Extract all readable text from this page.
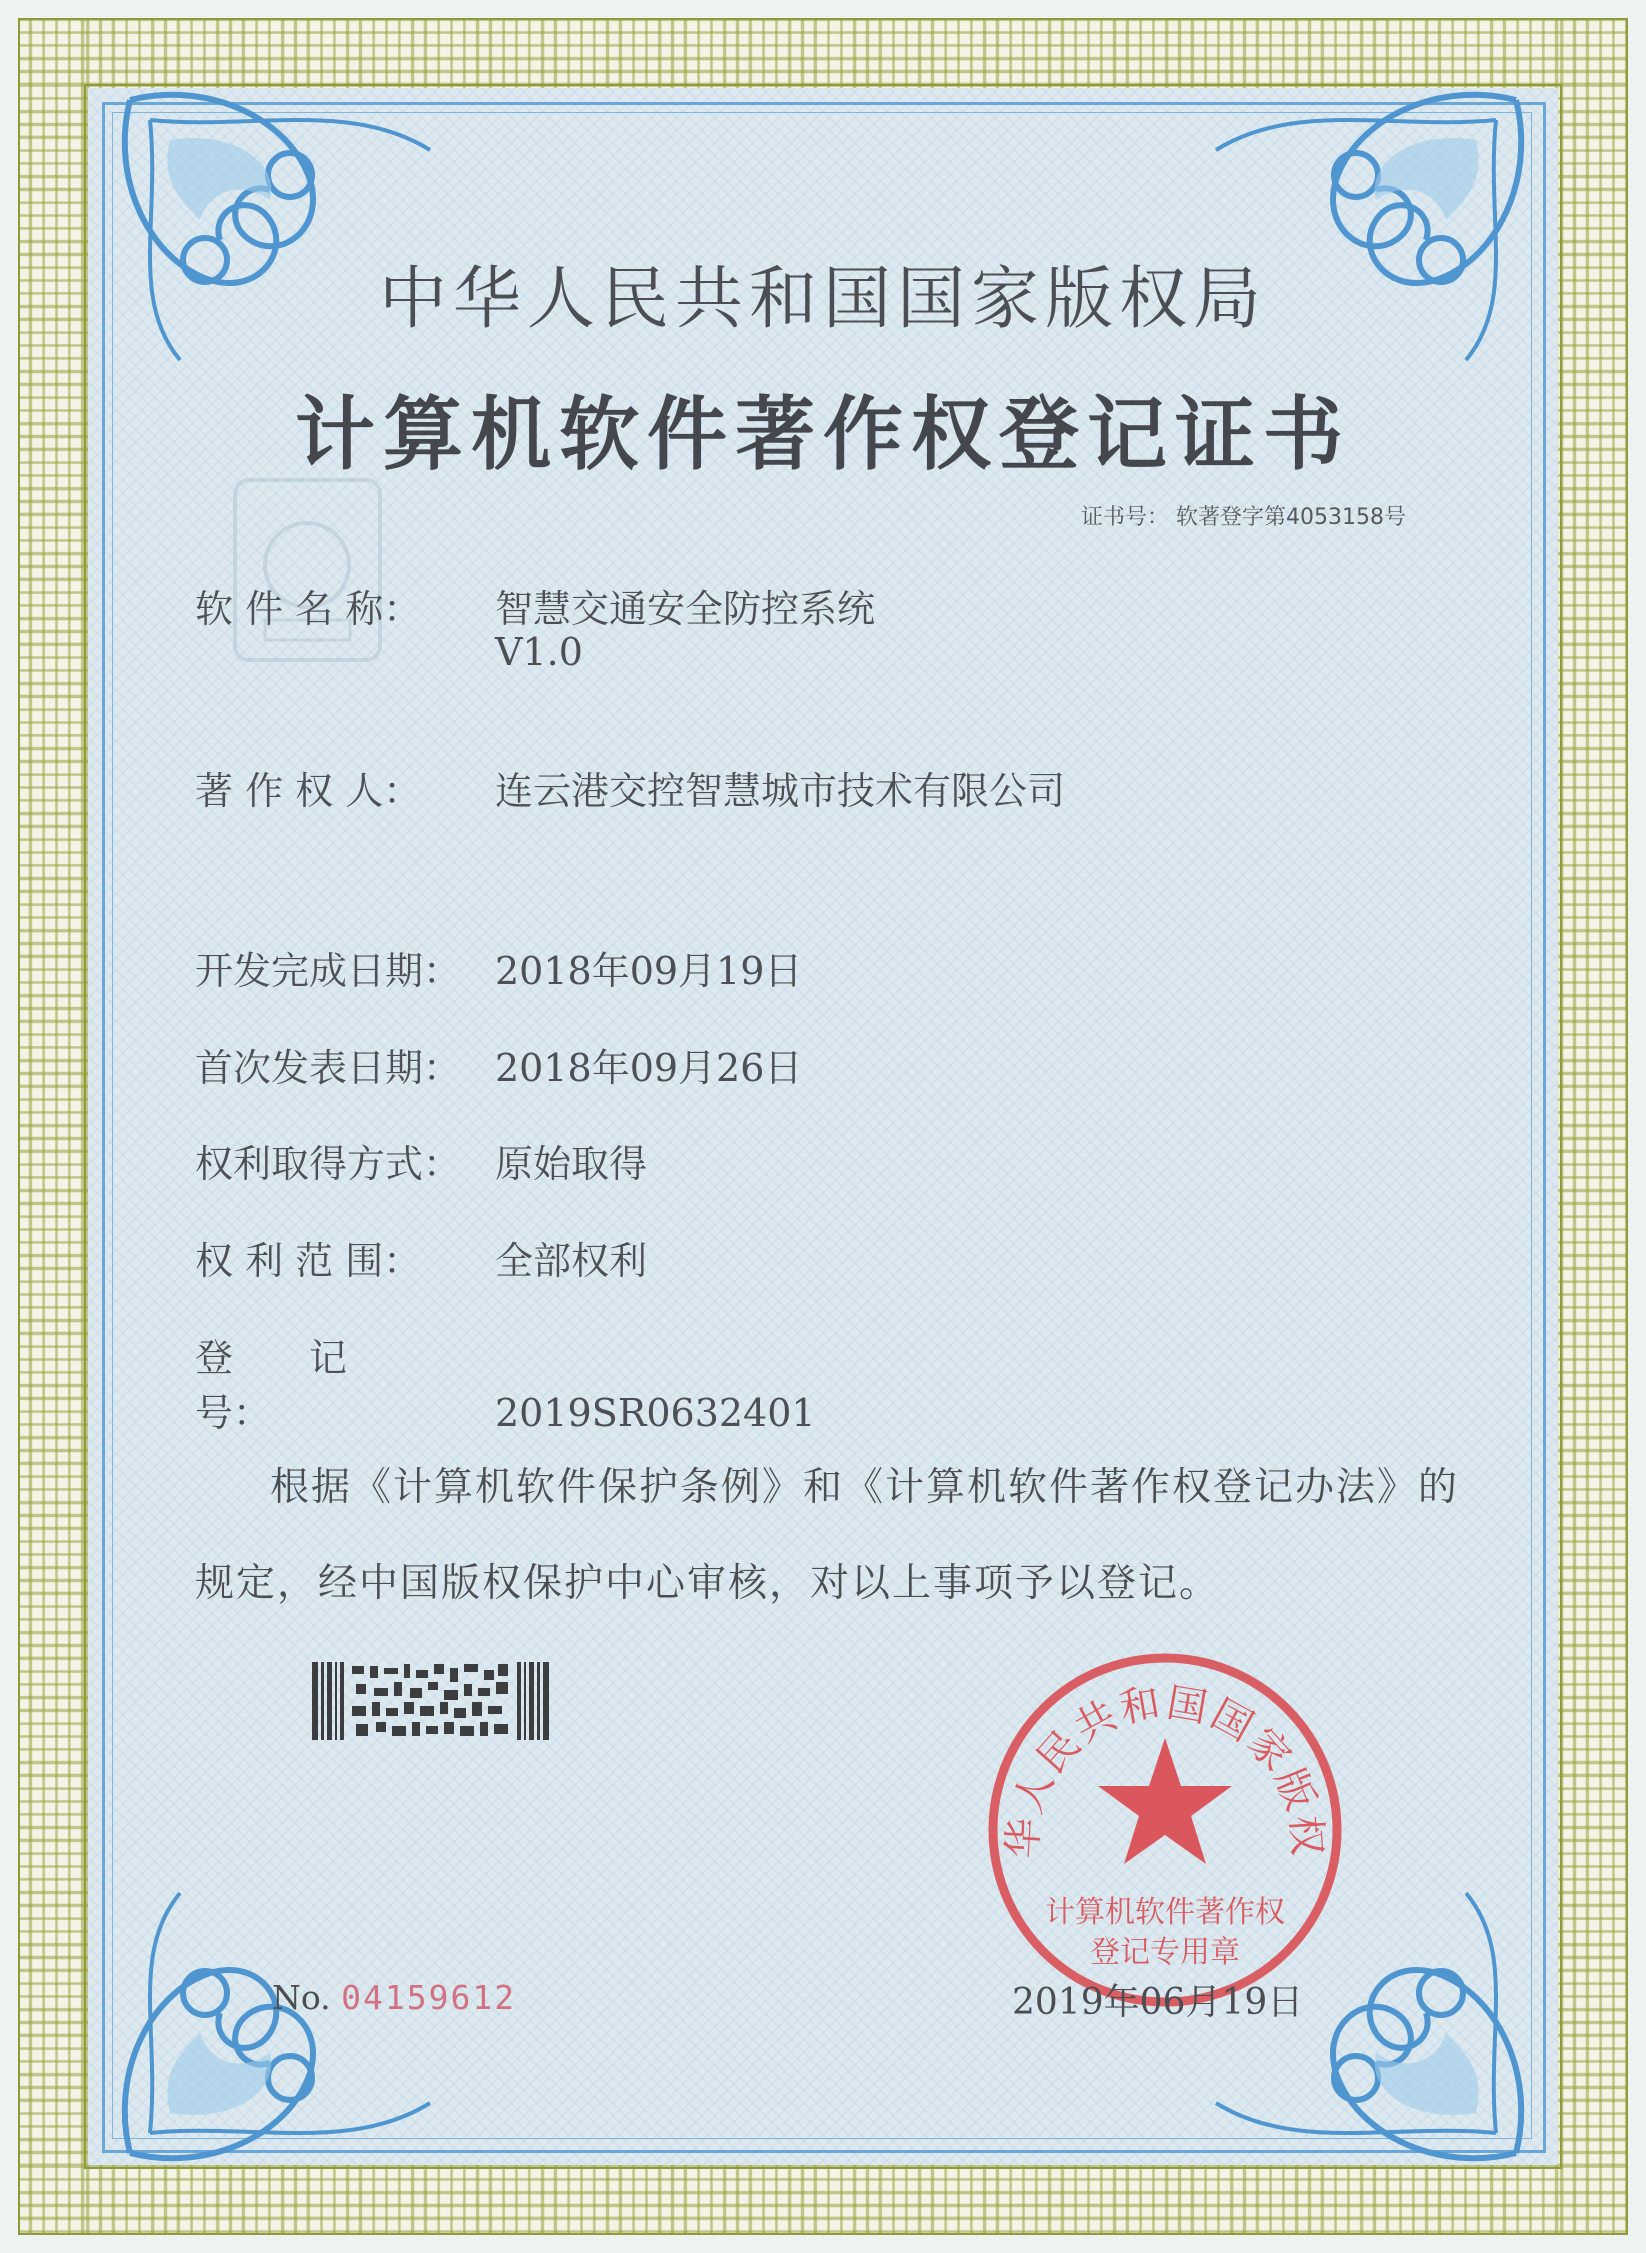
中华人民共和国国家版权局
计算机软件著作权登记证书
证书号： 软著登字第4053158号
软 件 名 称： 智慧交通安全防控系统
V1.0
著 作 权 人： 连云港交控智慧城市技术有限公司
开发完成日期： 2018年09月19日
首次发表日期： 2018年09月26日
权利取得方式： 原始取得
权 利 范 围： 全部权利
登　　记　　号：	2019SR0632401
根据《计算机软件保护条例》和《计算机软件著作权登记办法》的
规定，经中国版权保护中心审核，对以上事项予以登记。
华人民共和国国家版权
计算机软件著作权
登记专用章
No. 04159612	2019年06月19日
